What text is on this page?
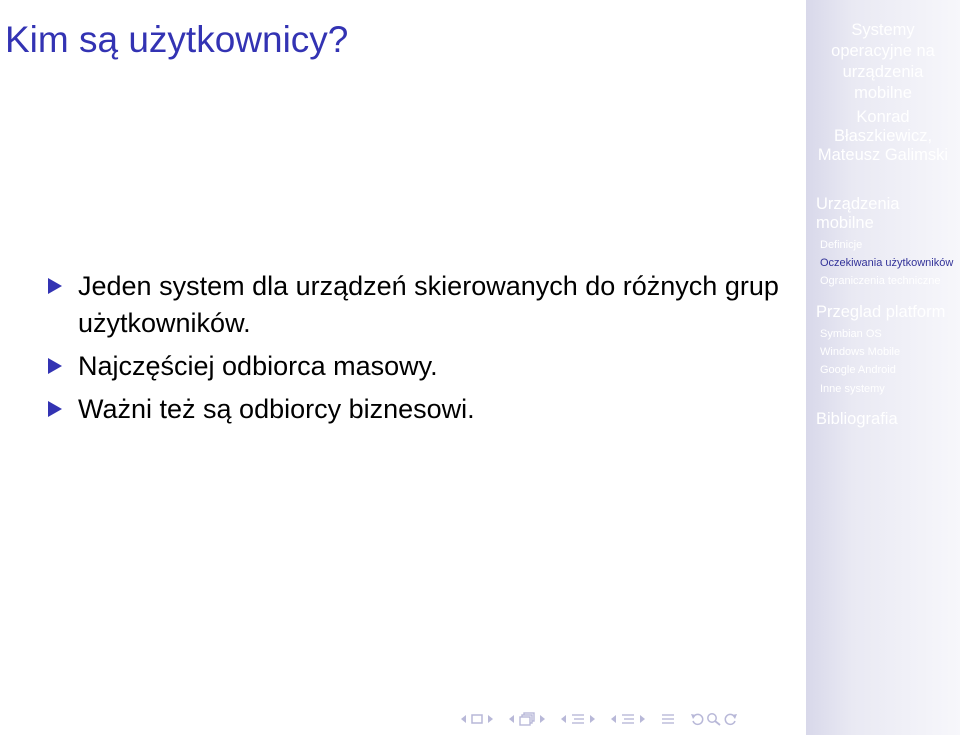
Kim są użytkownicy?
Jeden system dla urządzeń skierowanych do różnych grup użytkowników.
Najczęściej odbiorca masowy.
Ważni też są odbiorcy biznesowi.
Systemy
operacyjne na
urządzenia
mobilne
Konrad
Błaszkiewicz,
Mateusz Galimski
Urządzenia
mobilne
Definicje
Oczekiwania użytkowników
Ograniczenia techniczne
Przeglad platform
Symbian OS
Windows Mobile
Google Android
Inne systemy
Bibliografia
